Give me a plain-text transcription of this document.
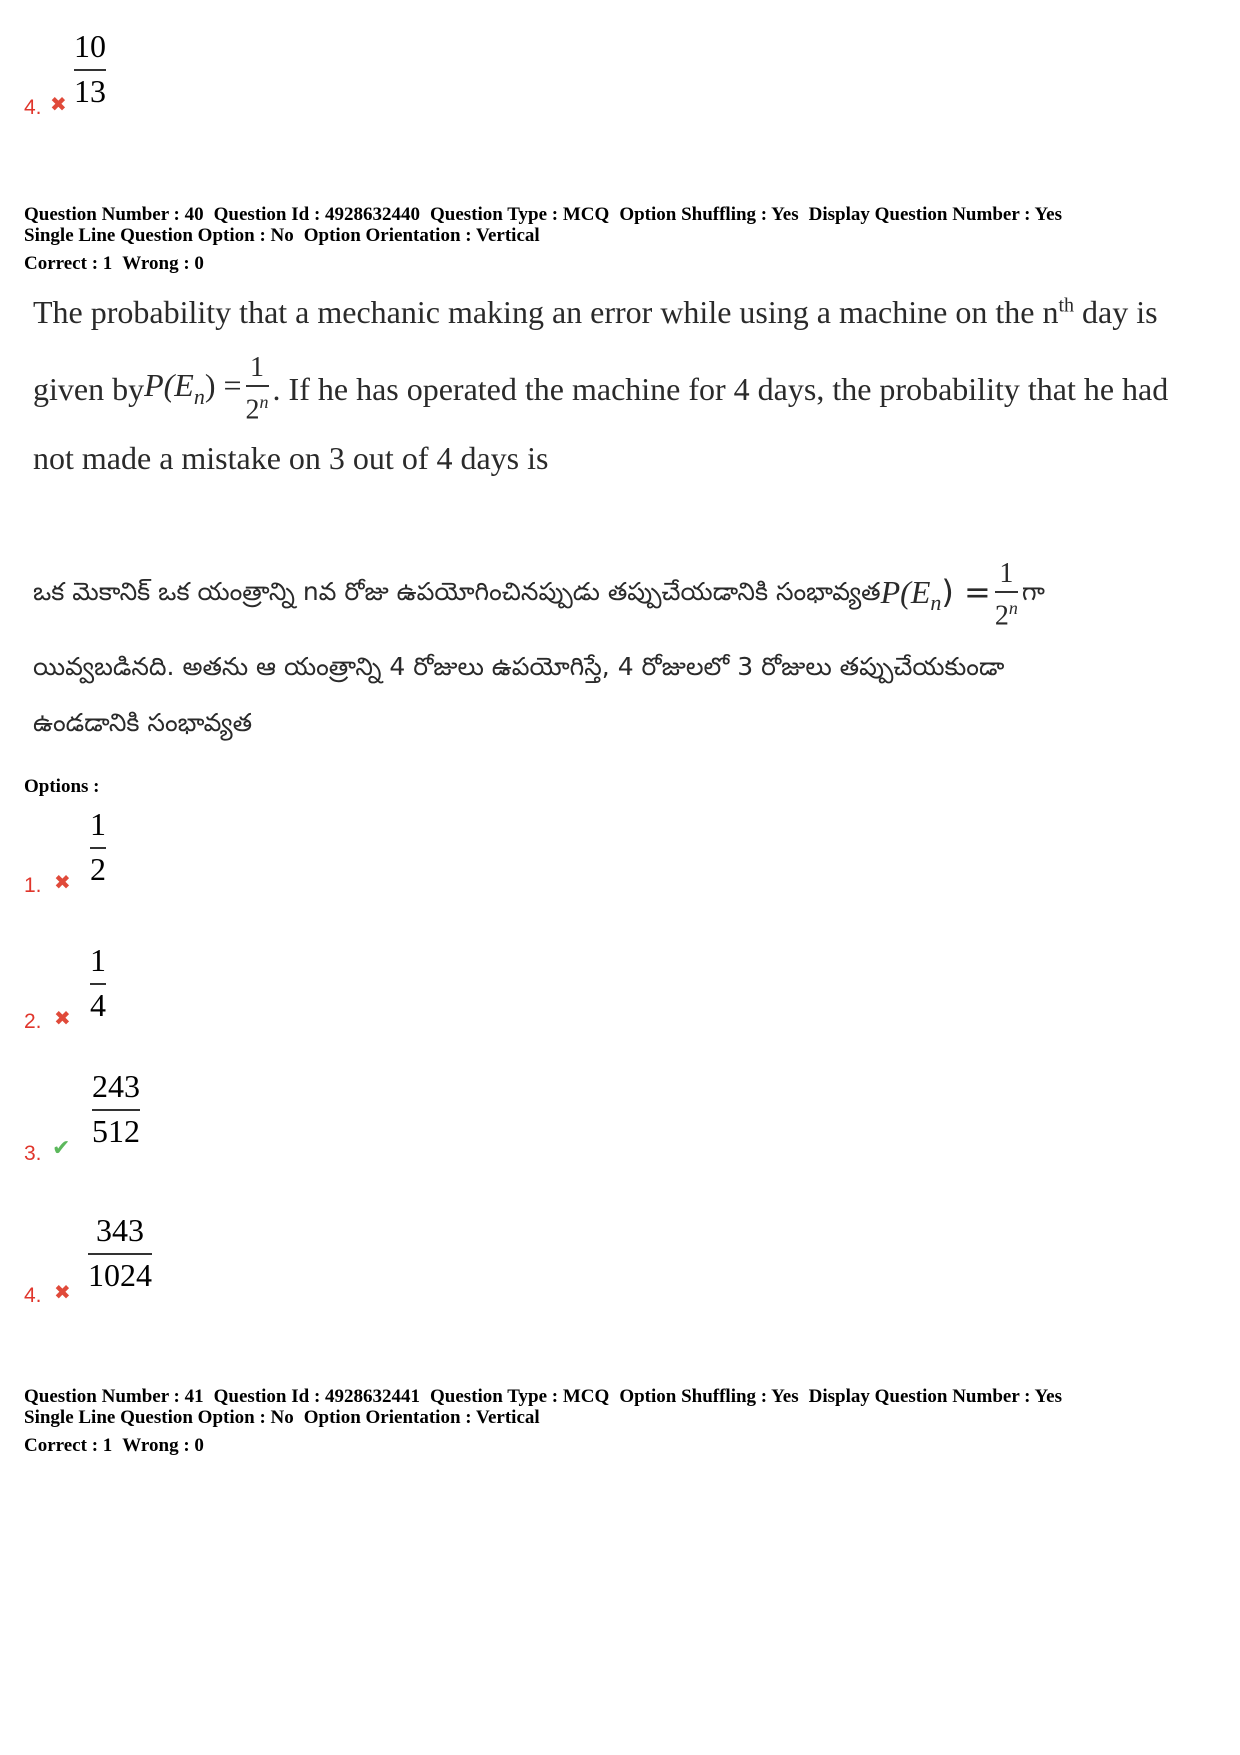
10
13
4. ✖
Question Number : 40 Question Id : 4928632440 Question Type : MCQ Option Shuffling : Yes Display Question Number : Yes
Single Line Question Option : No Option Orientation : Vertical
Correct : 1 Wrong : 0
The probability that a mechanic making an error while using a machine on the $n^{th}$ day is
given by $P(E_n) = 1$
2$^n$ . If he has operated the machine for 4 days, the probability that he had
not made a mistake on 3 out of 4 days is
ఒక మెకానిక్ ఒక యంత్రాన్ని nవ రోజు ఉపయోగించినప్పుడు తప్పుచేయడానికి సంభావ్యత $P(E_n) = 1$
2$^n$
గా
యివ్వబడినది. అతను ఆ యంత్రాన్ని 4 రోజులు ఉపయోగిస్తే, 4 రోజులలో 3 రోజులు తప్పుచేయకుండా
ఉండడానికి సంభావ్యత
Options :
1
2
1. ✖
1
4
2. ✖
243
512
3. ✔
343
1024
4. ✖
Question Number : 41 Question Id : 4928632441 Question Type : MCQ Option Shuffling : Yes Display Question Number : Yes
Single Line Question Option : No Option Orientation : Vertical
Correct : 1 Wrong : 0
